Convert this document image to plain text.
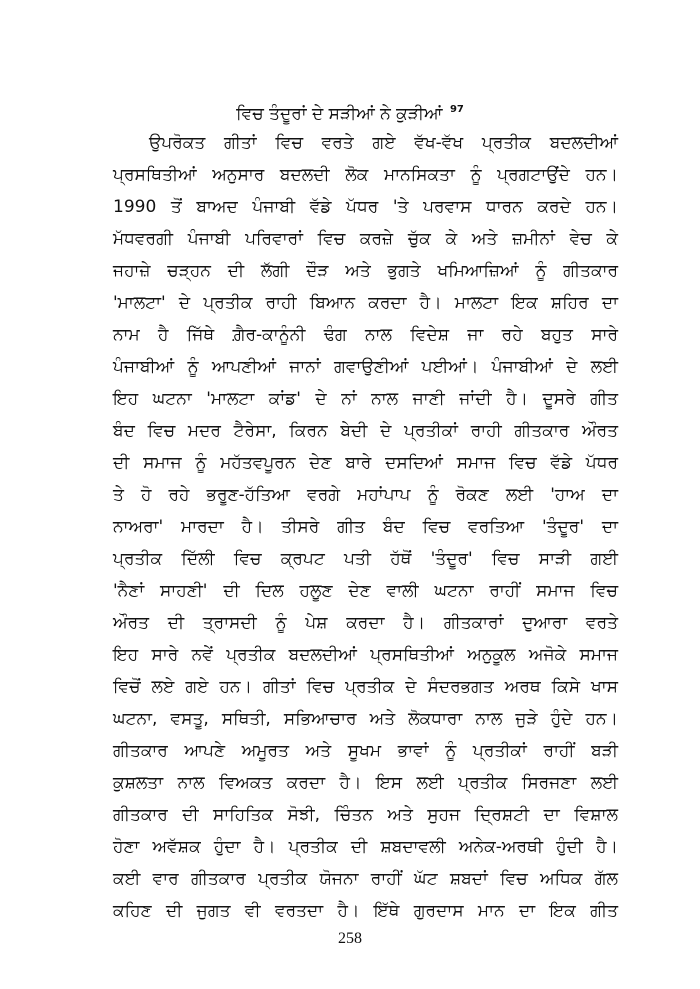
ਵਿਚ ਤੰਦੂਰਾਂ ਦੇ ਸੜੀਆਂ ਨੇ ਕੁੜੀਆਂ $^{97}$
ਉਪਰੋਕਤ ਗੀਤਾਂ ਵਿਚ ਵਰਤੇ ਗਏ ਵੱਖ-ਵੱਖ ਪ੍ਰਤੀਕ ਬਦਲਦੀਆਂ
ਪ੍ਰਸਥਿਤੀਆਂ ਅਨੁਸਾਰ ਬਦਲਦੀ ਲੋਕ ਮਾਨਸਿਕਤਾ ਨੂੰ ਪ੍ਰਗਟਾਉਂਦੇ ਹਨ।
1990 ਤੋਂ ਬਾਅਦ ਪੰਜਾਬੀ ਵੱਡੇ ਪੱਧਰ 'ਤੇ ਪਰਵਾਸ ਧਾਰਨ ਕਰਦੇ ਹਨ।
ਮੱਧਵਰਗੀ ਪੰਜਾਬੀ ਪਰਿਵਾਰਾਂ ਵਿਚ ਕਰਜ਼ੇ ਚੁੱਕ ਕੇ ਅਤੇ ਜ਼ਮੀਨਾਂ ਵੇਚ ਕੇ
ਜਹਾਜ਼ੇ ਚੜ੍ਹਨ ਦੀ ਲੱਗੀ ਦੌੜ ਅਤੇ ਭੁਗਤੇ ਖਮਿਆਜ਼ਿਆਂ ਨੂੰ ਗੀਤਕਾਰ
'ਮਾਲਟਾ' ਦੇ ਪ੍ਰਤੀਕ ਰਾਹੀ ਬਿਆਨ ਕਰਦਾ ਹੈ। ਮਾਲਟਾ ਇਕ ਸ਼ਹਿਰ ਦਾ
ਨਾਮ ਹੈ ਜਿੱਥੇ ਗ਼ੈਰ-ਕਾਨੂੰਨੀ ਢੰਗ ਨਾਲ ਵਿਦੇਸ਼ ਜਾ ਰਹੇ ਬਹੁਤ ਸਾਰੇ
ਪੰਜਾਬੀਆਂ ਨੂੰ ਆਪਣੀਆਂ ਜਾਨਾਂ ਗਵਾਉਣੀਆਂ ਪਈਆਂ। ਪੰਜਾਬੀਆਂ ਦੇ ਲਈ
ਇਹ ਘਟਨਾ 'ਮਾਲਟਾ ਕਾਂਡ' ਦੇ ਨਾਂ ਨਾਲ ਜਾਣੀ ਜਾਂਦੀ ਹੈ। ਦੂਸਰੇ ਗੀਤ
ਬੰਦ ਵਿਚ ਮਦਰ ਟੈਰੇਸਾ, ਕਿਰਨ ਬੇਦੀ ਦੇ ਪ੍ਰਤੀਕਾਂ ਰਾਹੀ ਗੀਤਕਾਰ ਔਰਤ
ਦੀ ਸਮਾਜ ਨੂੰ ਮਹੱਤਵਪੂਰਨ ਦੇਣ ਬਾਰੇ ਦਸਦਿਆਂ ਸਮਾਜ ਵਿਚ ਵੱਡੇ ਪੱਧਰ
ਤੇ ਹੋ ਰਹੇ ਭਰੂਣ-ਹੱਤਿਆ ਵਰਗੇ ਮਹਾਂਪਾਪ ਨੂੰ ਰੋਕਣ ਲਈ 'ਹਾਅ ਦਾ
ਨਾਅਰਾ' ਮਾਰਦਾ ਹੈ। ਤੀਸਰੇ ਗੀਤ ਬੰਦ ਵਿਚ ਵਰਤਿਆ 'ਤੰਦੂਰ' ਦਾ
ਪ੍ਰਤੀਕ ਦਿੱਲੀ ਵਿਚ ਕ੍ਰਪਟ ਪਤੀ ਹੱਥੋਂ 'ਤੰਦੂਰ' ਵਿਚ ਸਾੜੀ ਗਈ
'ਨੈਣਾਂ ਸਾਹਣੀ' ਦੀ ਦਿਲ ਹਲੂਣ ਦੇਣ ਵਾਲੀ ਘਟਨਾ ਰਾਹੀਂ ਸਮਾਜ ਵਿਚ
ਔਰਤ ਦੀ ਤ੍ਰਾਸਦੀ ਨੂੰ ਪੇਸ਼ ਕਰਦਾ ਹੈ। ਗੀਤਕਾਰਾਂ ਦੁਆਰਾ ਵਰਤੇ
ਇਹ ਸਾਰੇ ਨਵੇਂ ਪ੍ਰਤੀਕ ਬਦਲਦੀਆਂ ਪ੍ਰਸਥਿਤੀਆਂ ਅਨੁਕੂਲ ਅਜੋਕੇ ਸਮਾਜ
ਵਿਚੋਂ ਲਏ ਗਏ ਹਨ। ਗੀਤਾਂ ਵਿਚ ਪ੍ਰਤੀਕ ਦੇ ਸੰਦਰਭਗਤ ਅਰਥ ਕਿਸੇ ਖਾਸ
ਘਟਨਾ, ਵਸਤੂ, ਸਥਿਤੀ, ਸਭਿਆਚਾਰ ਅਤੇ ਲੋਕਧਾਰਾ ਨਾਲ ਜੁੜੇ ਹੁੰਦੇ ਹਨ।
ਗੀਤਕਾਰ ਆਪਣੇ ਅਮੂਰਤ ਅਤੇ ਸੂਖਮ ਭਾਵਾਂ ਨੂੰ ਪ੍ਰਤੀਕਾਂ ਰਾਹੀਂ ਬੜੀ
ਕੁਸ਼ਲਤਾ ਨਾਲ ਵਿਅਕਤ ਕਰਦਾ ਹੈ। ਇਸ ਲਈ ਪ੍ਰਤੀਕ ਸਿਰਜਣਾ ਲਈ
ਗੀਤਕਾਰ ਦੀ ਸਾਹਿਤਿਕ ਸੋਝੀ, ਚਿੰਤਨ ਅਤੇ ਸੁਹਜ ਦ੍ਰਿਸ਼ਟੀ ਦਾ ਵਿਸ਼ਾਲ
ਹੋਣਾ ਅਵੱਸ਼ਕ ਹੁੰਦਾ ਹੈ। ਪ੍ਰਤੀਕ ਦੀ ਸ਼ਬਦਾਵਲੀ ਅਨੇਕ-ਅਰਥੀ ਹੁੰਦੀ ਹੈ।
ਕਈ ਵਾਰ ਗੀਤਕਾਰ ਪ੍ਰਤੀਕ ਯੋਜਨਾ ਰਾਹੀਂ ਘੱਟ ਸ਼ਬਦਾਂ ਵਿਚ ਅਧਿਕ ਗੱਲ
ਕਹਿਣ ਦੀ ਜੁਗਤ ਵੀ ਵਰਤਦਾ ਹੈ। ਇੱਥੇ ਗੁਰਦਾਸ ਮਾਨ ਦਾ ਇਕ ਗੀਤ
258
